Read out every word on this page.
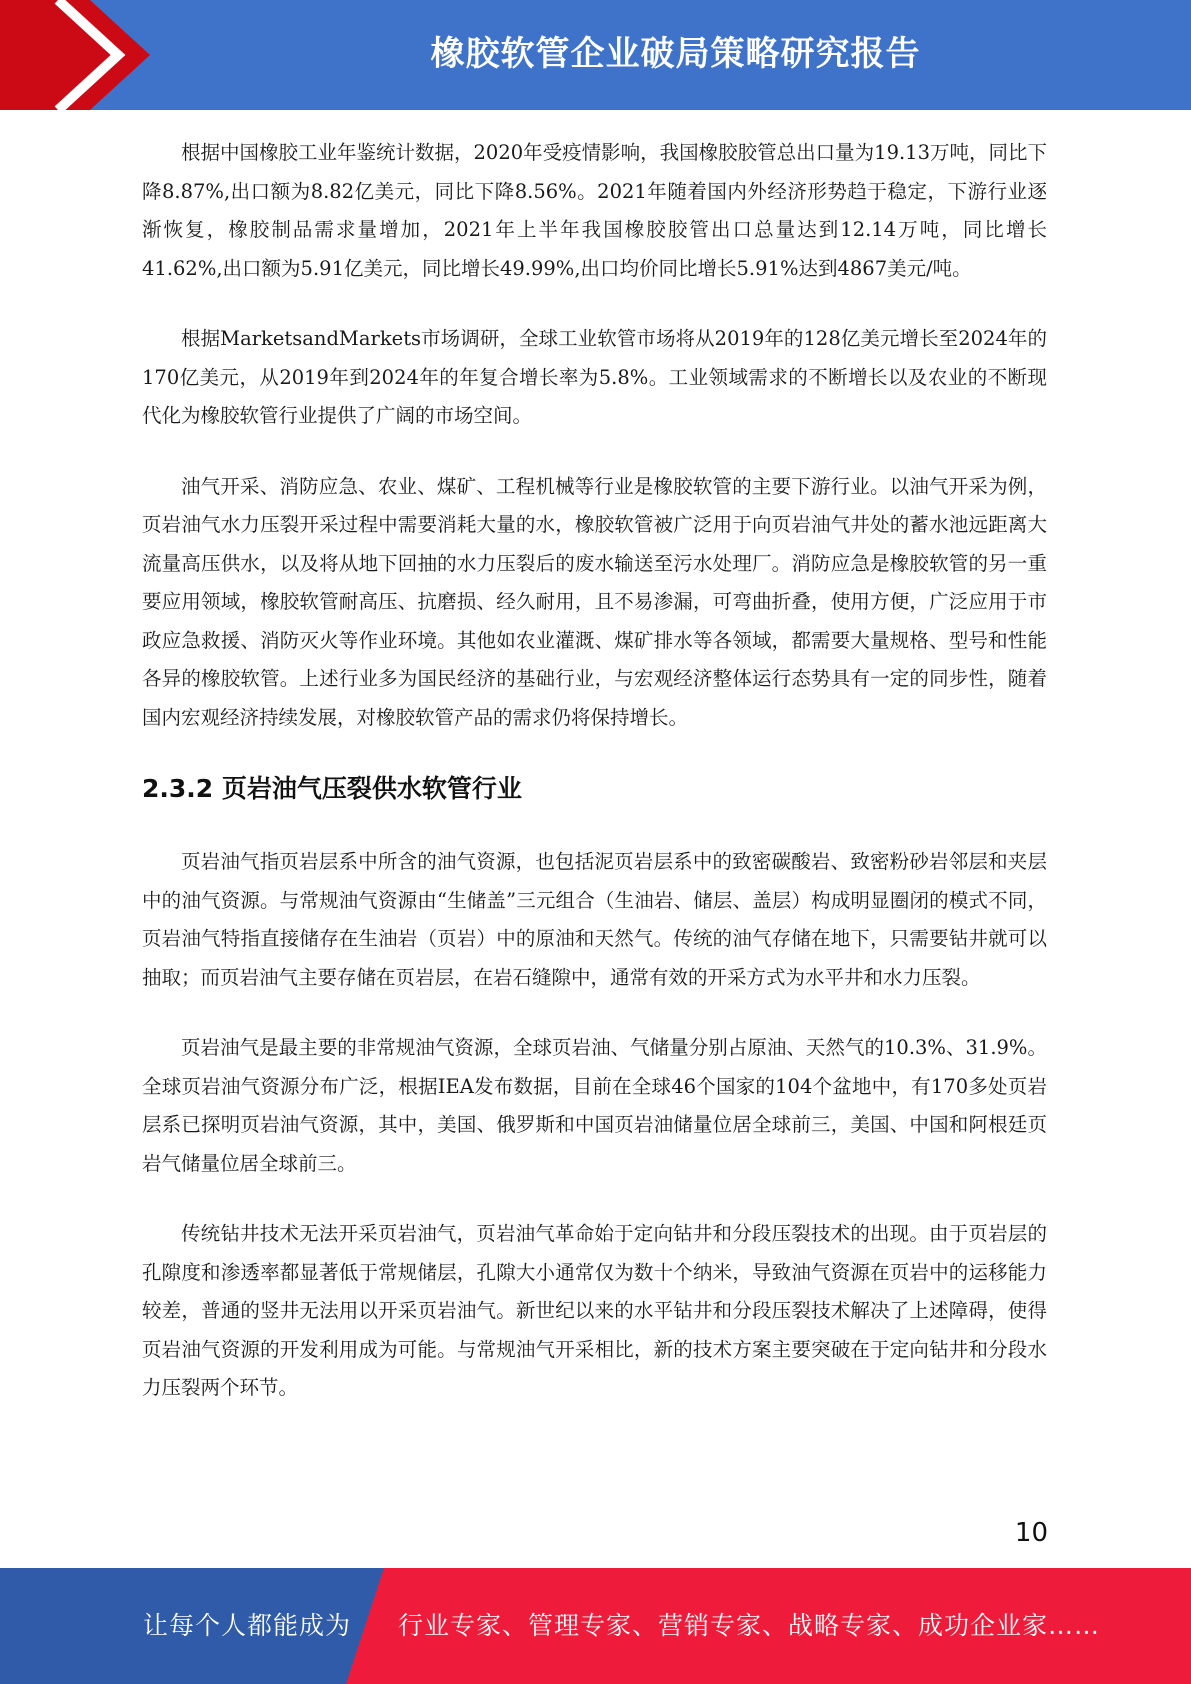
橡胶软管企业破局策略研究报告

根据中国橡胶工业年鉴统计数据，2020年受疫情影响，我国橡胶胶管总出口量为19.13万吨，同比下降8.87%,出口额为8.82亿美元，同比下降8.56%。2021年随着国内外经济形势趋于稳定，下游行业逐渐恢复，橡胶制品需求量增加，2021年上半年我国橡胶胶管出口总量达到12.14万吨，同比增长41.62%,出口额为5.91亿美元，同比增长49.99%,出口均价同比增长5.91%达到4867美元/吨。

根据MarketsandMarkets市场调研，全球工业软管市场将从2019年的128亿美元增长至2024年的170亿美元，从2019年到2024年的年复合增长率为5.8%。工业领域需求的不断增长以及农业的不断现代化为橡胶软管行业提供了广阔的市场空间。

油气开采、消防应急、农业、煤矿、工程机械等行业是橡胶软管的主要下游行业。以油气开采为例，页岩油气水力压裂开采过程中需要消耗大量的水，橡胶软管被广泛用于向页岩油气井处的蓄水池远距离大流量高压供水，以及将从地下回抽的水力压裂后的废水输送至污水处理厂。消防应急是橡胶软管的另一重要应用领域，橡胶软管耐高压、抗磨损、经久耐用，且不易渗漏，可弯曲折叠，使用方便，广泛应用于市政应急救援、消防灭火等作业环境。其他如农业灌溉、煤矿排水等各领域，都需要大量规格、型号和性能各异的橡胶软管。上述行业多为国民经济的基础行业，与宏观经济整体运行态势具有一定的同步性，随着国内宏观经济持续发展，对橡胶软管产品的需求仍将保持增长。

2.3.2 页岩油气压裂供水软管行业

页岩油气指页岩层系中所含的油气资源，也包括泥页岩层系中的致密碳酸岩、致密粉砂岩邻层和夹层中的油气资源。与常规油气资源由“生储盖”三元组合（生油岩、储层、盖层）构成明显圈闭的模式不同，页岩油气特指直接储存在生油岩（页岩）中的原油和天然气。传统的油气存储在地下，只需要钻井就可以抽取；而页岩油气主要存储在页岩层，在岩石缝隙中，通常有效的开采方式为水平井和水力压裂。

页岩油气是最主要的非常规油气资源，全球页岩油、气储量分别占原油、天然气的10.3%、31.9%。全球页岩油气资源分布广泛，根据IEA发布数据，目前在全球46个国家的104个盆地中，有170多处页岩层系已探明页岩油气资源，其中，美国、俄罗斯和中国页岩油储量位居全球前三，美国、中国和阿根廷页岩气储量位居全球前三。

传统钻井技术无法开采页岩油气，页岩油气革命始于定向钻井和分段压裂技术的出现。由于页岩层的孔隙度和渗透率都显著低于常规储层，孔隙大小通常仅为数十个纳米，导致油气资源在页岩中的运移能力较差，普通的竖井无法用以开采页岩油气。新世纪以来的水平钻井和分段压裂技术解决了上述障碍，使得页岩油气资源的开发利用成为可能。与常规油气开采相比，新的技术方案主要突破在于定向钻井和分段水力压裂两个环节。

10
让每个人都能成为 行业专家、管理专家、营销专家、战略专家、成功企业家……
